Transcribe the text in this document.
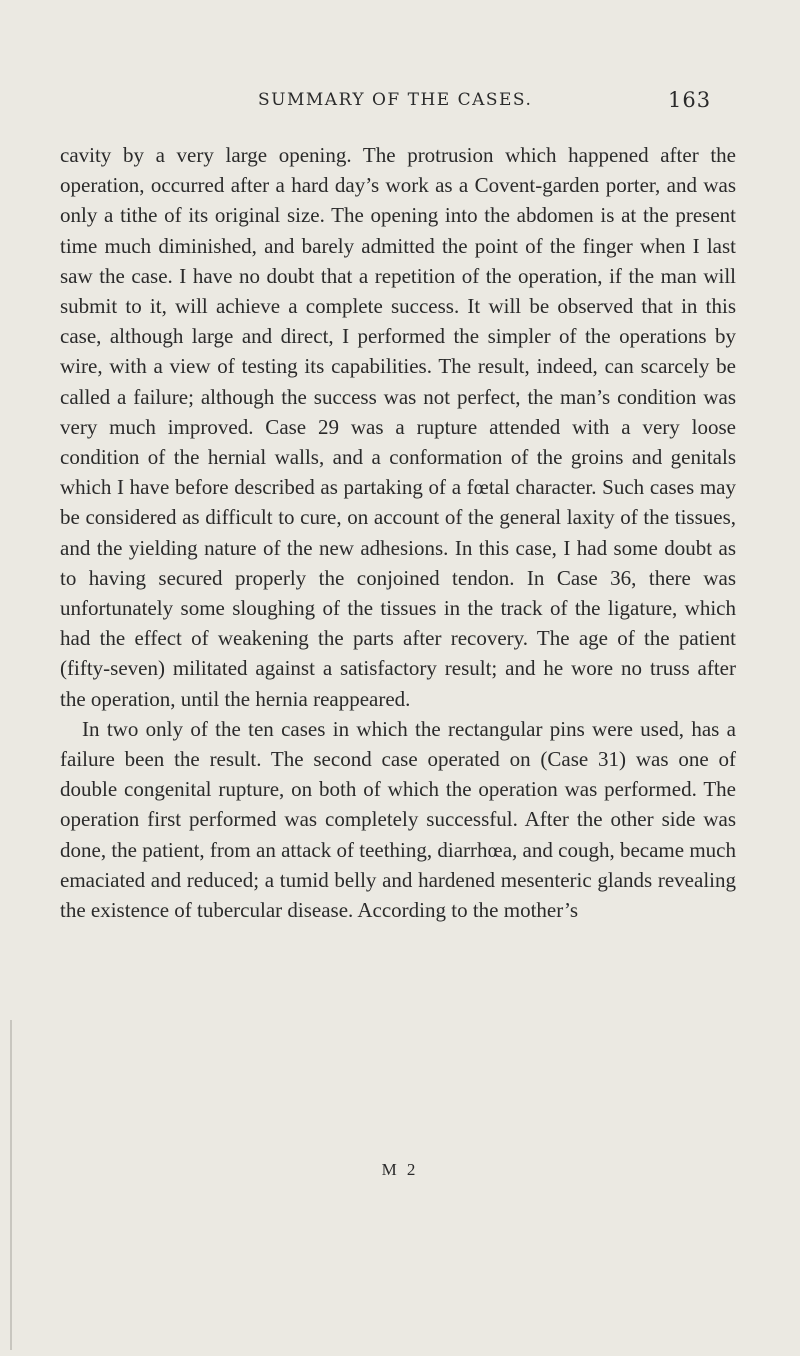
SUMMARY OF THE CASES.	163

cavity by a very large opening. The protrusion which happened after the operation, occurred after a hard day’s work as a Covent-garden porter, and was only a tithe of its original size. The opening into the abdomen is at the present time much diminished, and barely admitted the point of the finger when I last saw the case. I have no doubt that a repetition of the operation, if the man will submit to it, will achieve a complete success. It will be observed that in this case, although large and direct, I performed the simpler of the operations by wire, with a view of testing its capabilities. The result, indeed, can scarcely be called a failure; although the success was not perfect, the man’s condition was very much improved. Case 29 was a rupture attended with a very loose condition of the hernial walls, and a conformation of the groins and genitals which I have before described as partaking of a fœtal character. Such cases may be considered as difficult to cure, on account of the general laxity of the tissues, and the yielding nature of the new adhesions. In this case, I had some doubt as to having secured properly the conjoined tendon. In Case 36, there was unfortunately some sloughing of the tissues in the track of the ligature, which had the effect of weakening the parts after recovery. The age of the patient (fifty-seven) militated against a satisfactory result; and he wore no truss after the operation, until the hernia reappeared.

In two only of the ten cases in which the rectangular pins were used, has a failure been the result. The second case operated on (Case 31) was one of double congenital rupture, on both of which the operation was performed. The operation first performed was completely successful. After the other side was done, the patient, from an attack of teething, diarrhœa, and cough, became much emaciated and reduced; a tumid belly and hardened mesenteric glands revealing the existence of tubercular disease. According to the mother’s

M 2
